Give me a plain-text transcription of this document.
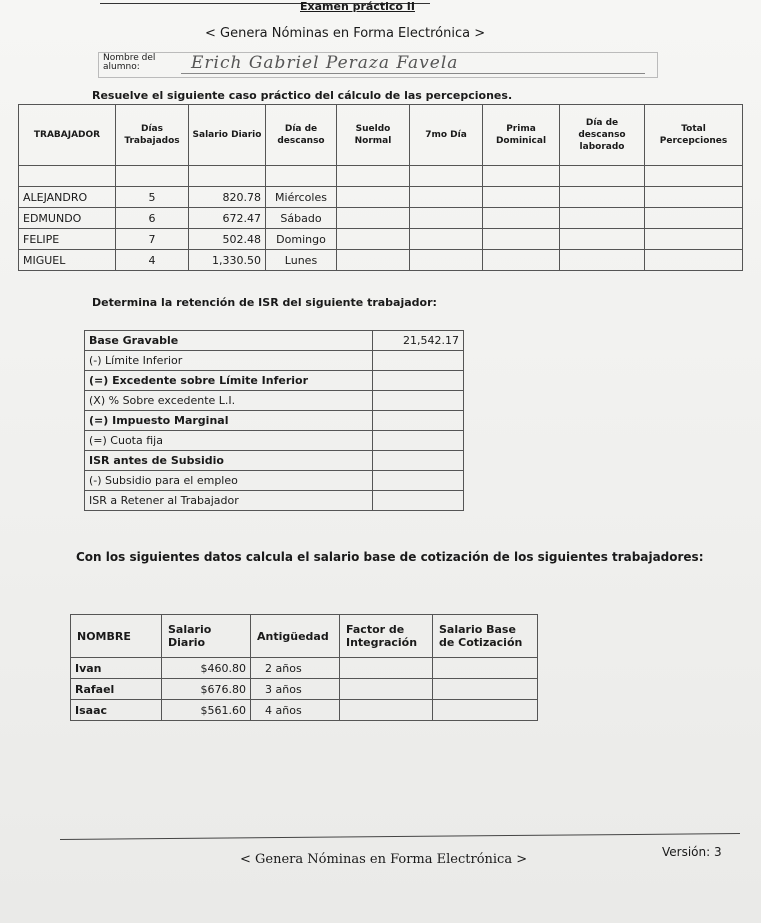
Examen práctico II
< Genera Nóminas en Forma Electrónica >
Nombre del alumno:	Erich Gabriel Peraza Favela
Resuelve el siguiente caso práctico del cálculo de las percepciones.
TRABAJADOR	Días Trabajados	Salario Diario	Día de descanso	Sueldo Normal	7mo Día	Prima Dominical	Día de descanso laborado	Total Percepciones

ALEJANDRO	5	820.78	Miércoles					
EDMUNDO	6	672.47	Sábado					
FELIPE	7	502.48	Domingo					
MIGUEL	4	1,330.50	Lunes					
Determina la retención de ISR del siguiente trabajador:
Base Gravable	21,542.17
(-) Límite Inferior	
(=) Excedente sobre Límite Inferior	
(X) % Sobre excedente L.I.	
(=) Impuesto Marginal	
(=) Cuota fija	
ISR antes de Subsidio	
(-) Subsidio para el empleo	
ISR a Retener al Trabajador	
Con los siguientes datos calcula el salario base de cotización de los siguientes trabajadores:
NOMBRE	Salario Diario	Antigüedad	Factor de Integración	Salario Base de Cotización
Ivan	$460.80	2 años		
Rafael	$676.80	3 años		
Isaac	$561.60	4 años		
< Genera Nóminas en Forma Electrónica >	Versión: 3
